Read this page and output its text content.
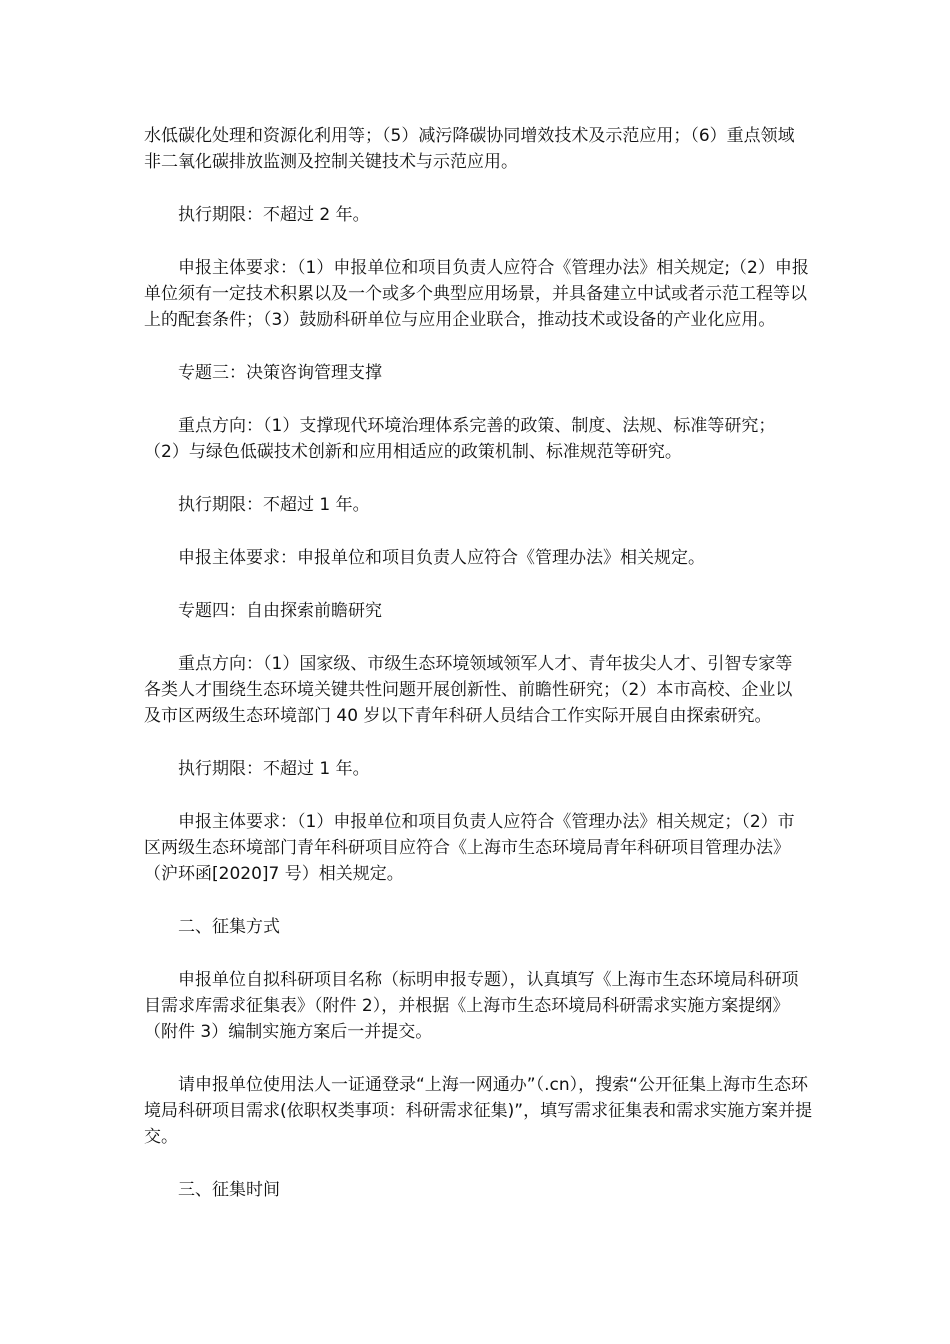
水低碳化处理和资源化利用等；（5）减污降碳协同增效技术及示范应用；（6）重点领域
非二氧化碳排放监测及控制关键技术与示范应用。

　　执行期限：不超过 2 年。

　　申报主体要求：（1）申报单位和项目负责人应符合《管理办法》相关规定;（2）申报
单位须有一定技术积累以及一个或多个典型应用场景，并具备建立中试或者示范工程等以
上的配套条件；（3）鼓励科研单位与应用企业联合，推动技术或设备的产业化应用。

　　专题三：决策咨询管理支撑

　　重点方向：（1）支撑现代环境治理体系完善的政策、制度、法规、标准等研究；
（2）与绿色低碳技术创新和应用相适应的政策机制、标准规范等研究。

　　执行期限：不超过 1 年。

　　申报主体要求：申报单位和项目负责人应符合《管理办法》相关规定。

　　专题四：自由探索前瞻研究

　　重点方向：（1）国家级、市级生态环境领域领军人才、青年拔尖人才、引智专家等
各类人才围绕生态环境关键共性问题开展创新性、前瞻性研究；（2）本市高校、企业以
及市区两级生态环境部门 40 岁以下青年科研人员结合工作实际开展自由探索研究。

　　执行期限：不超过 1 年。

　　申报主体要求：（1）申报单位和项目负责人应符合《管理办法》相关规定；（2）市
区两级生态环境部门青年科研项目应符合《上海市生态环境局青年科研项目管理办法》
（沪环函[2020]7 号）相关规定。

　　二、征集方式

　　申报单位自拟科研项目名称（标明申报专题），认真填写《上海市生态环境局科研项
目需求库需求征集表》（附件 2），并根据《上海市生态环境局科研需求实施方案提纲》
（附件 3）编制实施方案后一并提交。

　　请申报单位使用法人一证通登录“上海一网通办”（.cn），搜索“公开征集上海市生态环
境局科研项目需求(依职权类事项：科研需求征集)”，填写需求征集表和需求实施方案并提
交。

　　三、征集时间
